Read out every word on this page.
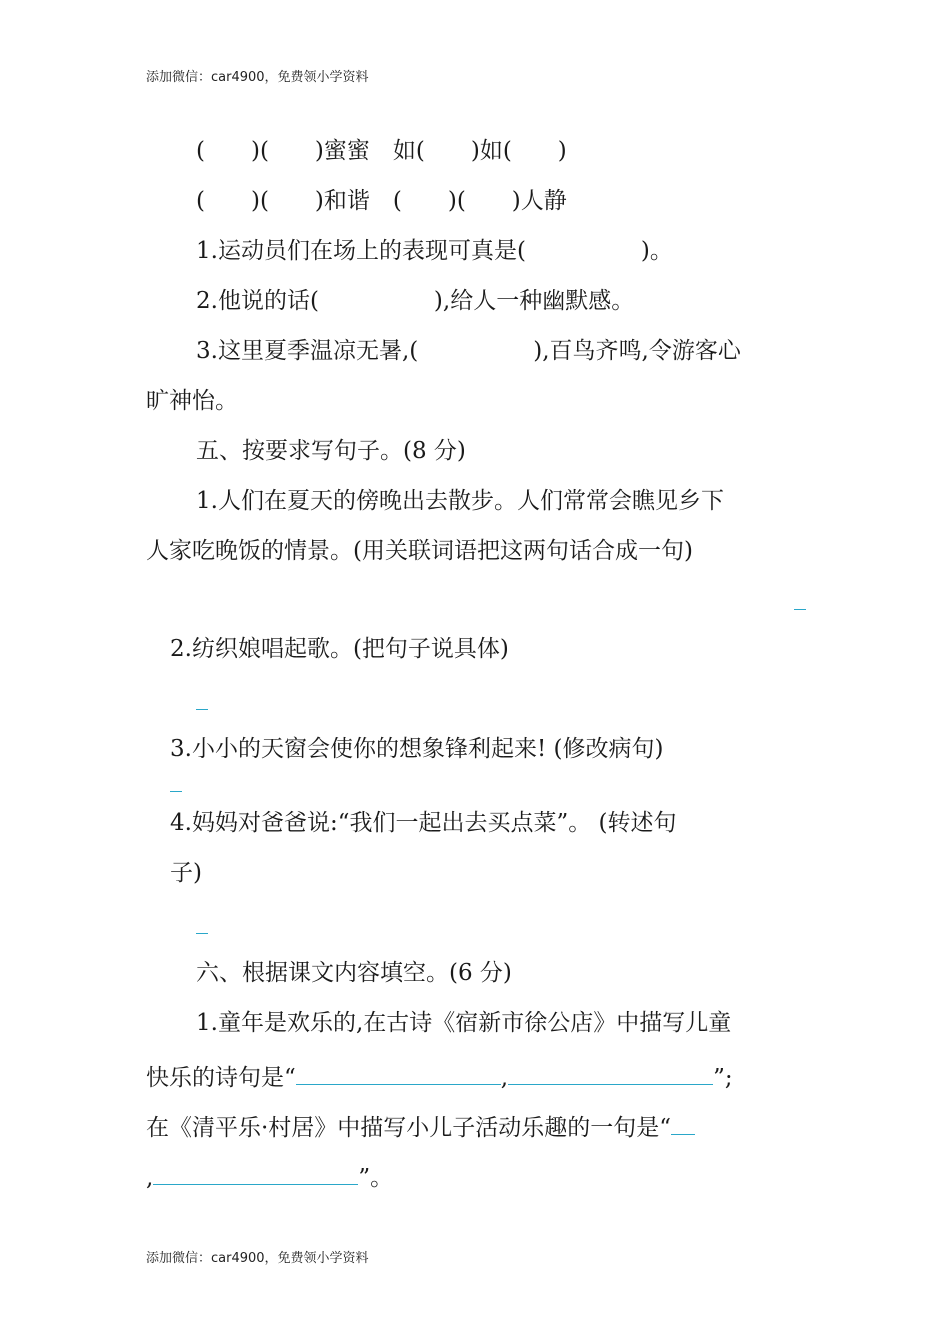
添加微信：car4900，免费领小学资料
(　　)(　　)蜜蜜　如(　　)如(　　)
(　　)(　　)和谐　(　　)(　　)人静
1.运动员们在场上的表现可真是(　　　　　)。
2.他说的话(　　　　　),给人一种幽默感。
3.这里夏季温凉无暑,(　　　　　),百鸟齐鸣,令游客心
旷神怡。
五、按要求写句子。(8 分)
1.人们在夏天的傍晚出去散步。人们常常会瞧见乡下
人家吃晚饭的情景。(用关联词语把这两句话合成一句)
2.纺织娘唱起歌。(把句子说具体)
3.小小的天窗会使你的想象锋利起来! (修改病句)
4.妈妈对爸爸说:“我们一起出去买点菜”。 (转述句
子)
六、根据课文内容填空。(6 分)
1.童年是欢乐的,在古诗《宿新市徐公店》中描写儿童
快乐的诗句是“	,	”;
在《清平乐·村居》中描写小儿子活动乐趣的一句是“
,	”。
添加微信：car4900，免费领小学资料
